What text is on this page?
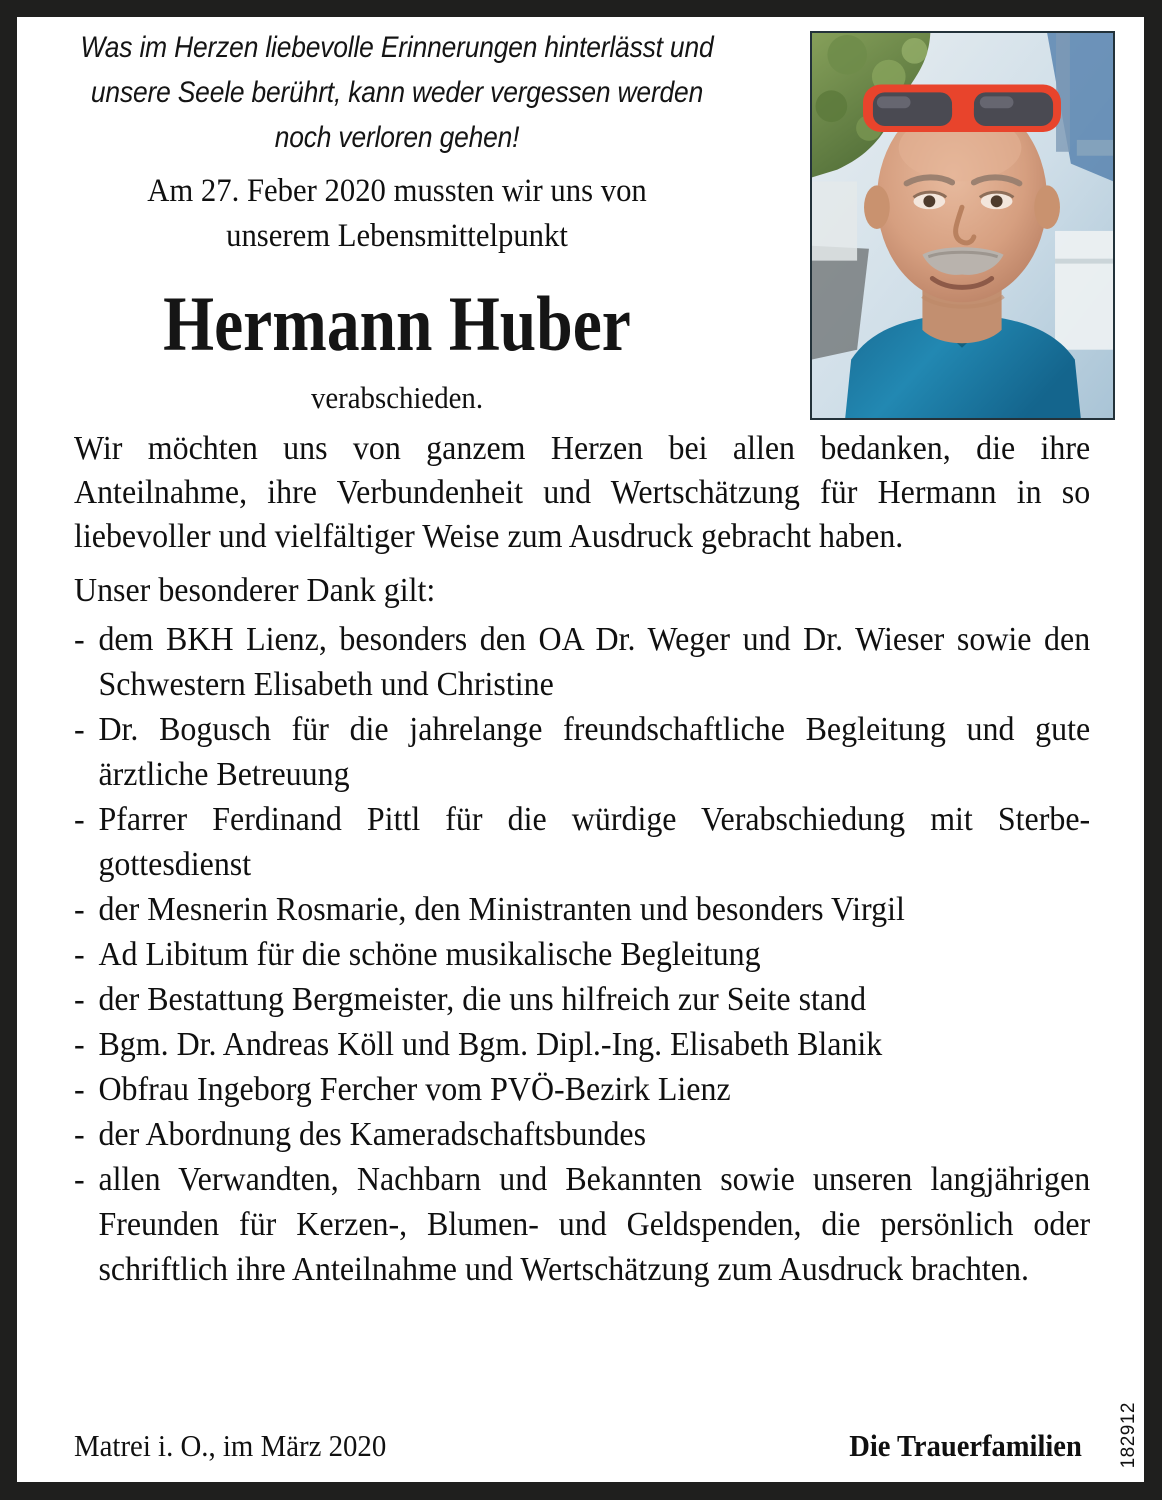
Was im Herzen liebevolle Erinnerungen hinterlässt und
unsere Seele berührt, kann weder vergessen werden
noch verloren gehen!
Am 27. Feber 2020 mussten wir uns von
unserem Lebensmittelpunkt
Hermann Huber
verabschieden.

Wir möchten uns von ganzem Herzen bei allen bedanken, die ihre Anteilnahme, ihre Verbundenheit und Wertschätzung für Hermann in so liebevoller und vielfältiger Weise zum Ausdruck gebracht haben.

Unser besonderer Dank gilt:

- dem BKH Lienz, besonders den OA Dr. Weger und Dr. Wieser sowie den Schwestern Elisabeth und Christine
- Dr. Bogusch für die jahrelange freundschaftliche Begleitung und gute ärztliche Betreuung
- Pfarrer Ferdinand Pittl für die würdige Verabschiedung mit Sterbegottesdienst
- der Mesnerin Rosmarie, den Ministranten und besonders Virgil
- Ad Libitum für die schöne musikalische Begleitung
- der Bestattung Bergmeister, die uns hilfreich zur Seite stand
- Bgm. Dr. Andreas Köll und Bgm. Dipl.-Ing. Elisabeth Blanik
- Obfrau Ingeborg Fercher vom PVÖ-Bezirk Lienz
- der Abordnung des Kameradschaftsbundes
- allen Verwandten, Nachbarn und Bekannten sowie unseren langjährigen Freunden für Kerzen-, Blumen- und Geldspenden, die persönlich oder schriftlich ihre Anteilnahme und Wertschätzung zum Ausdruck brachten.
Matrei i. O., im März 2020	Die Trauerfamilien 182912
